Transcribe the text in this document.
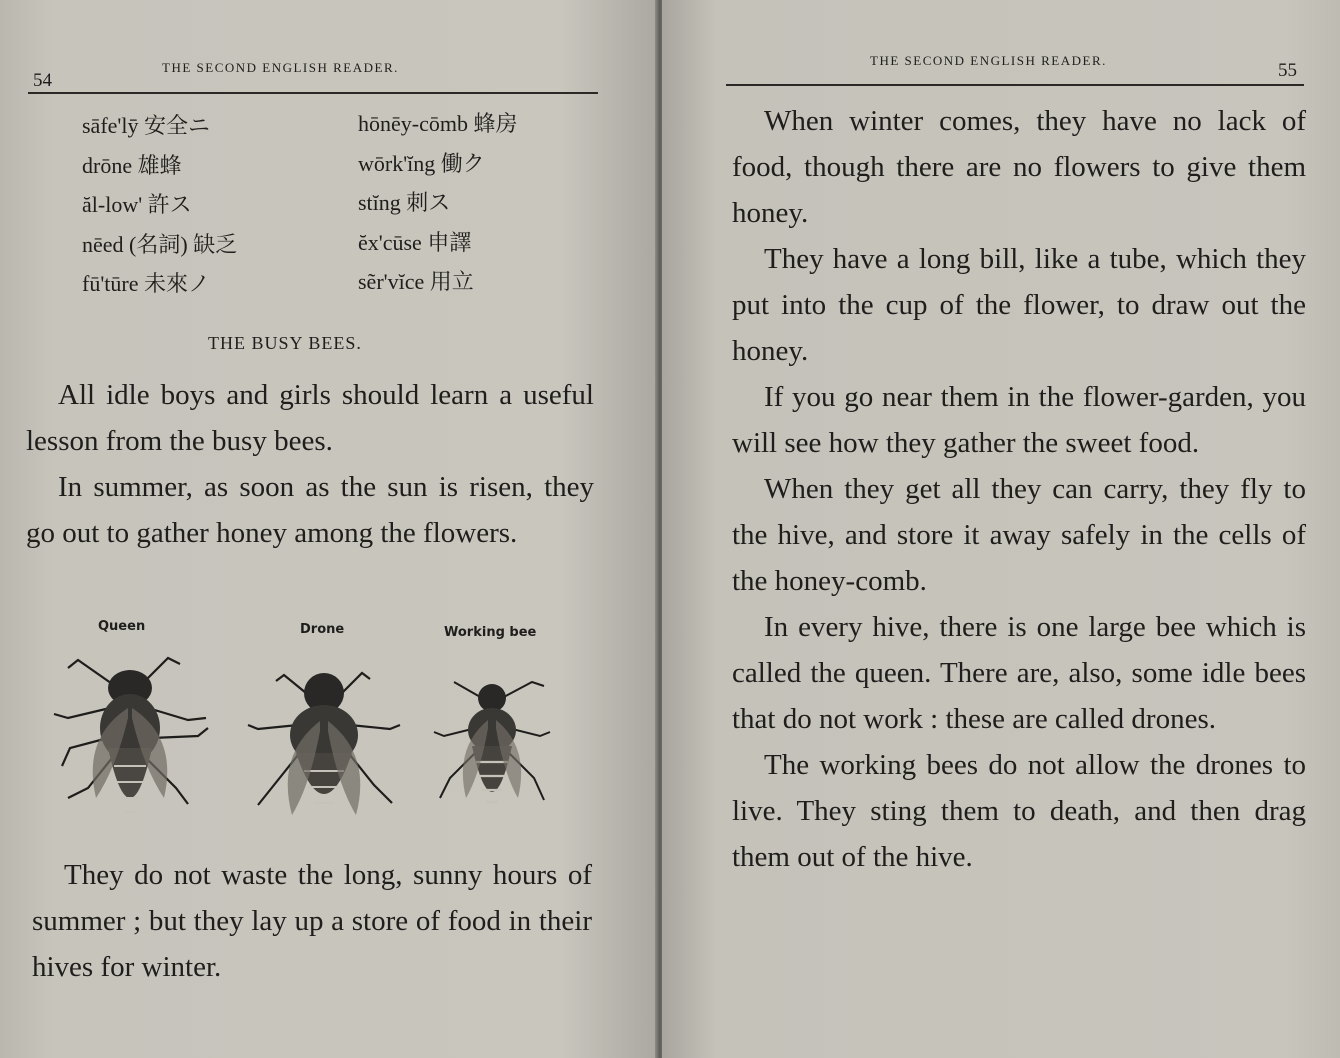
54
THE SECOND ENGLISH READER.
sāfe'lȳ 安全ニ
drōne 雄蜂
ăl-low' 許ス
nēed (名詞) 缺乏
fū'tūre 未來ノ
hōnēy-cōmb 蜂房
wōrk'ĭng 働ク
stĭng 刺ス
ĕx'cūse 申譯
sẽr'vĭce 用立
THE BUSY BEES.

All idle boys and girls should learn a useful lesson from the busy bees.

In summer, as soon as the sun is risen, they go out to gather honey among the flowers.

Queen	Drone	Working bee

They do not waste the long, sunny hours of summer ; but they lay up a store of food in their hives for winter.

THE SECOND ENGLISH READER.	55

When winter comes, they have no lack of food, though there are no flowers to give them honey.

They have a long bill, like a tube, which they put into the cup of the flower, to draw out the honey.

If you go near them in the flower-garden, you will see how they gather the sweet food.

When they get all they can carry, they fly to the hive, and store it away safely in the cells of the honey-comb.

In every hive, there is one large bee which is called the queen. There are, also, some idle bees that do not work : these are called drones.

The working bees do not allow the drones to live. They sting them to death, and then drag them out of the hive.
